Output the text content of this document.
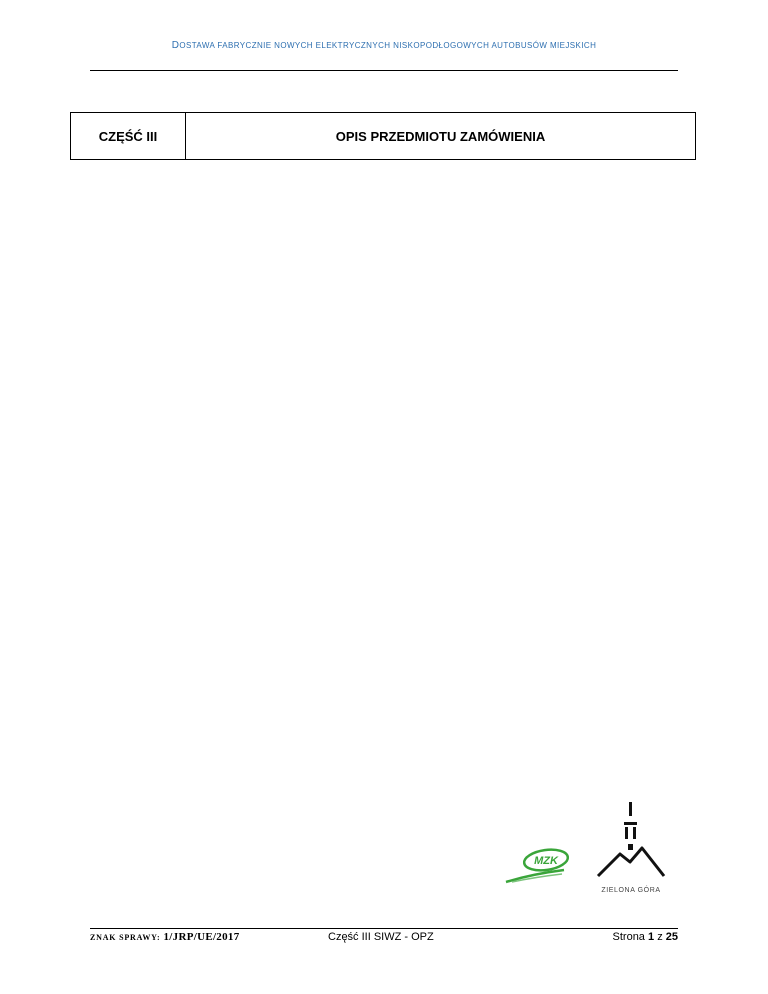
DOSTAWA FABRYCZNIE NOWYCH ELEKTRYCZNYCH NISKOPODŁOGOWYCH AUTOBUSÓW MIEJSKICH
CZĘŚĆ III	OPIS PRZEDMIOTU ZAMÓWIENIA
MZK
ZIELONA GÓRA
ZNAK SPRAWY: 1/JRP/UE/2017	Część III SIWZ - OPZ	Strona 1 z 25
